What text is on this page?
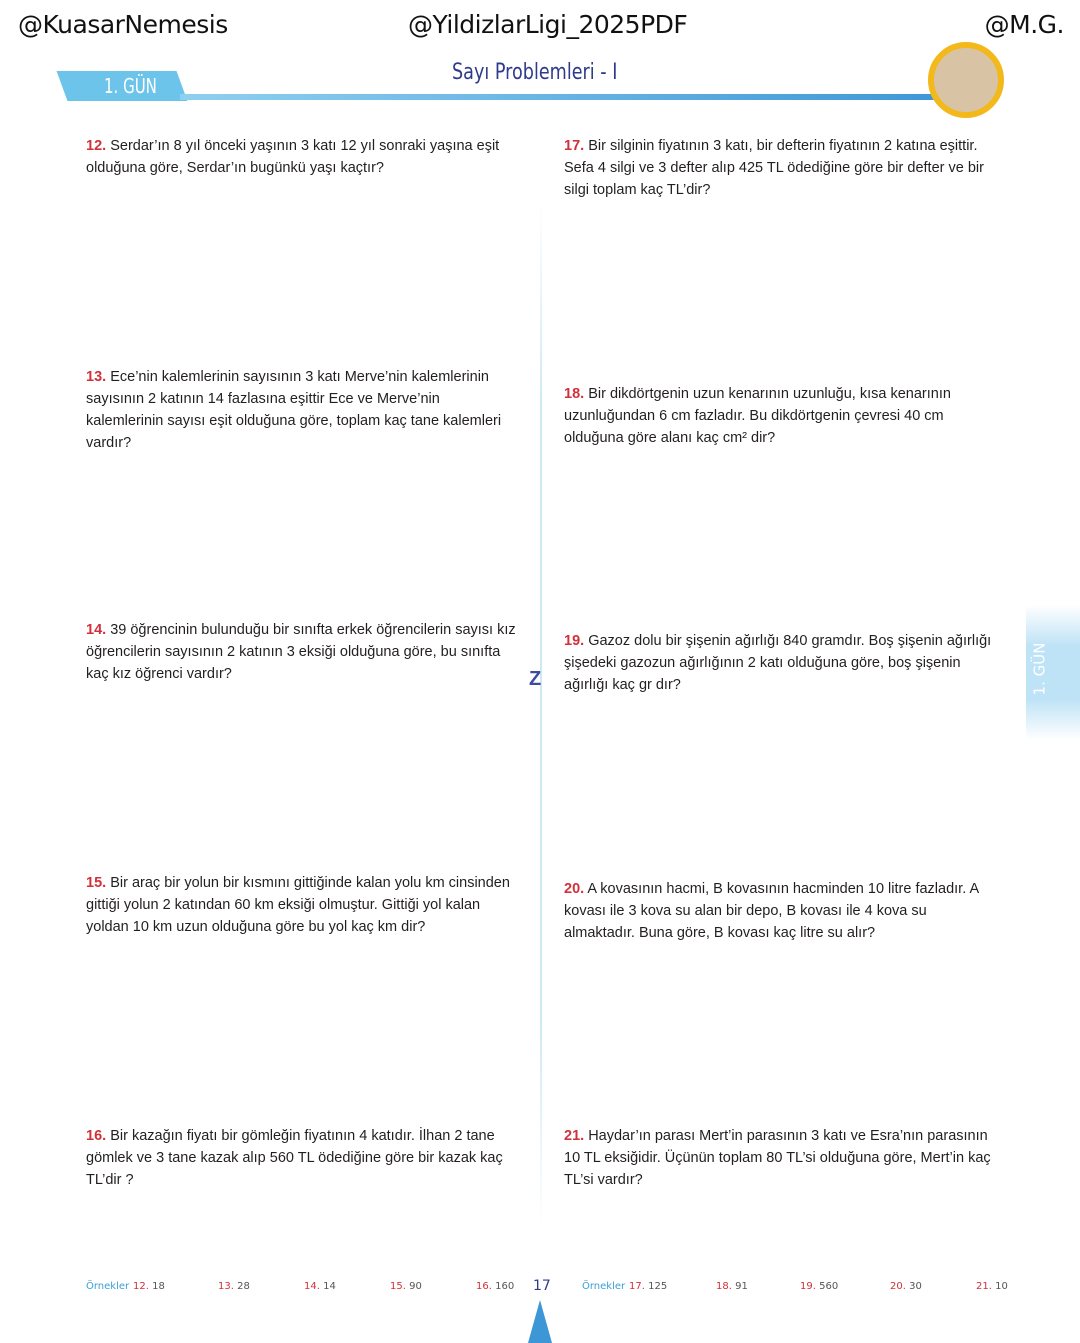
@KuasarNemesis	@YildizlarLigi_2025PDF	@M.G.
1. GÜN
Sayı Problemleri - I
Z	1. GÜN
12. Serdar’ın 8 yıl önceki yaşının 3 katı 12 yıl sonraki yaşına eşit olduğuna göre, Serdar’ın bugünkü yaşı kaçtır?
13. Ece’nin kalemlerinin sayısının 3 katı Merve’nin kalemlerinin sayısının 2 katının 14 fazlasına eşittir Ece ve Merve’nin kalemlerinin sayısı eşit olduğuna göre, toplam kaç tane kalemleri vardır?
14. 39 öğrencinin bulunduğu bir sınıfta erkek öğrencilerin sayısı kız öğrencilerin sayısının 2 katının 3 eksiği olduğuna göre, bu sınıfta kaç kız öğrenci vardır?
15. Bir araç bir yolun bir kısmını gittiğinde kalan yolu km cinsinden gittiği yolun 2 katından 60 km eksiği olmuştur. Gittiği yol kalan yoldan 10 km uzun olduğuna göre bu yol kaç km dir?
16. Bir kazağın fiyatı bir gömleğin fiyatının 4 katıdır. İlhan 2 tane gömlek ve 3 tane kazak alıp 560 TL ödediğine göre bir kazak kaç TL’dir ?
17. Bir silginin fiyatının 3 katı, bir defterin fiyatının 2 katına eşittir. Sefa 4 silgi ve 3 defter alıp 425 TL ödediğine göre bir defter ve bir silgi toplam kaç TL’dir?
18. Bir dikdörtgenin uzun kenarının uzunluğu, kısa kenarının uzunluğundan 6 cm fazladır. Bu dikdörtgenin çevresi 40 cm olduğuna göre alanı kaç cm² dir?
19. Gazoz dolu bir şişenin ağırlığı 840 gramdır. Boş şişenin ağırlığı şişedeki gazozun ağırlığının 2 katı olduğuna göre, boş şişenin ağırlığı kaç gr dır?
20. A kovasının hacmi, B kovasının hacminden 10 litre fazladır. A kovası ile 3 kova su alan bir depo, B kovası ile 4 kova su almaktadır. Buna göre, B kovası kaç litre su alır?
21. Haydar’ın parası Mert’in parasının 3 katı ve Esra’nın parasının 10 TL eksiğidir. Üçünün toplam 80 TL’si olduğuna göre, Mert’in kaç TL’si vardır?
Örnekler 12. 18	13. 28	14. 14	15. 90	16. 160 17	Örnekler 17. 125	18. 91	19. 560	20. 30	21. 10
